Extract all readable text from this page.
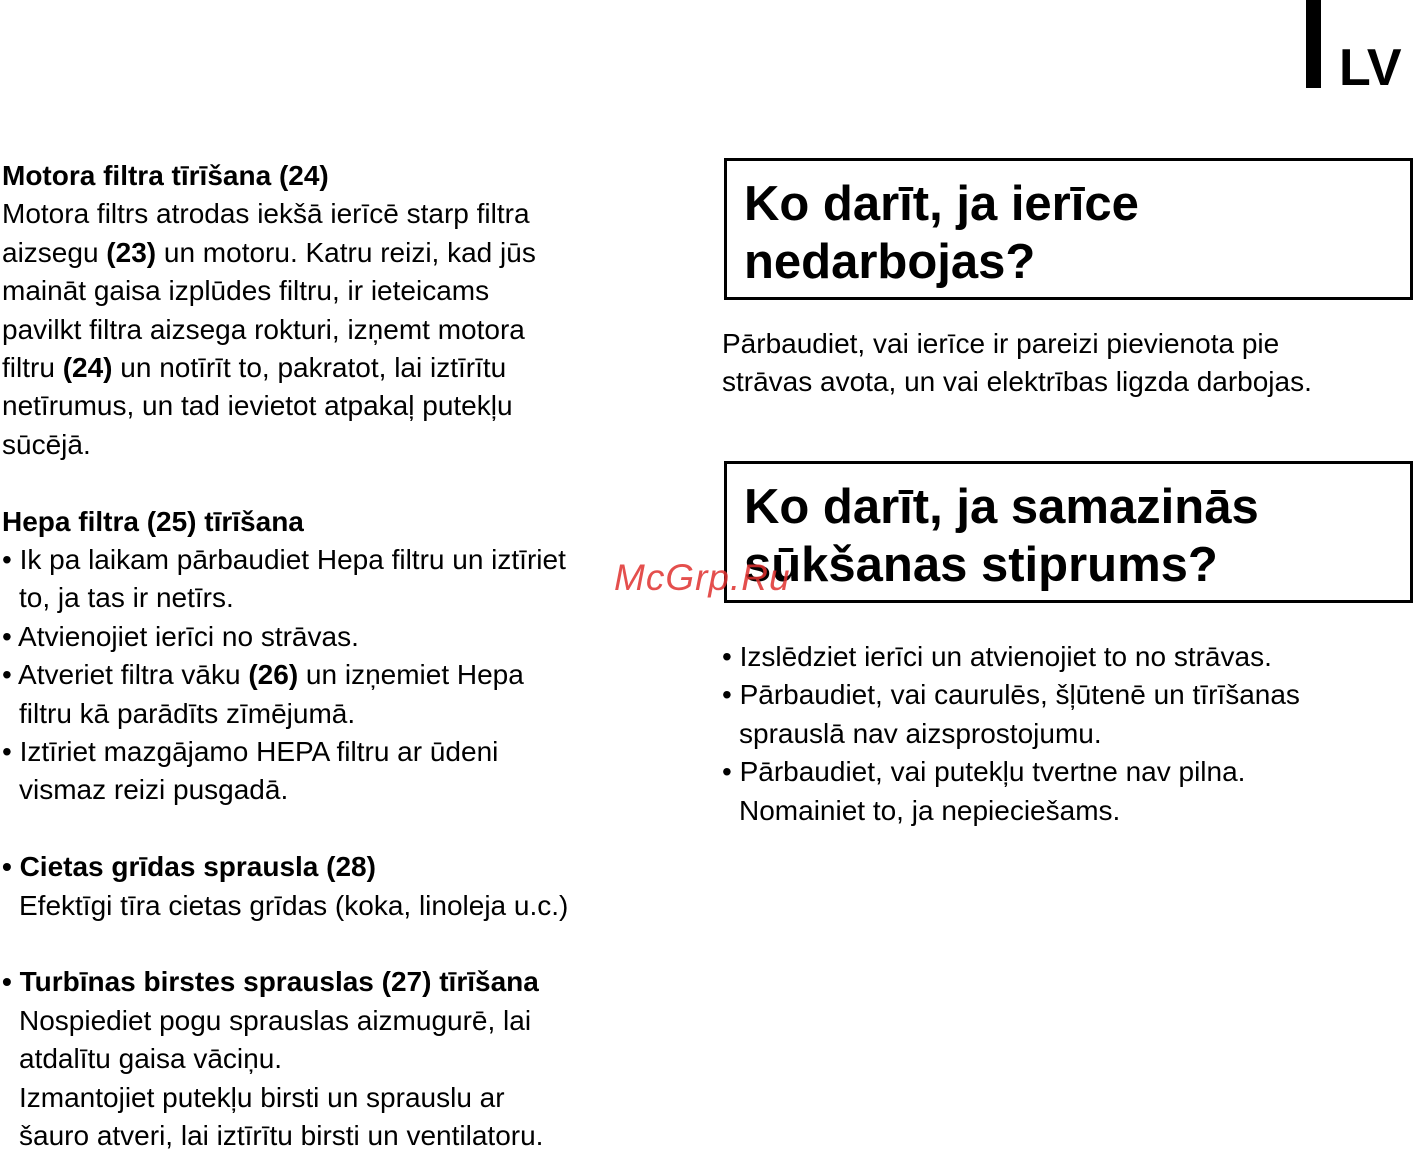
LV

Motora filtra tīrīšana (24)

Motora filtrs atrodas iekšā ierīcē starp filtra

aizsegu (23) un motoru. Katru reizi, kad jūs

maināt gaisa izplūdes filtru, ir ieteicams

pavilkt filtra aizsega rokturi, izņemt motora

filtru (24) un notīrīt to, pakratot, lai iztīrītu

netīrumus, un tad ievietot atpakaļ putekļu

sūcējā.

Hepa filtra (25) tīrīšana

• Ik pa laikam pārbaudiet Hepa filtru un iztīriet

to, ja tas ir netīrs.

• Atvienojiet ierīci no strāvas.

• Atveriet filtra vāku (26) un izņemiet Hepa

filtru kā parādīts zīmējumā.

• Iztīriet mazgājamo HEPA filtru ar ūdeni

vismaz reizi pusgadā.

• Cietas grīdas sprausla (28)

Efektīgi tīra cietas grīdas (koka, linoleja u.c.)

• Turbīnas birstes sprauslas (27) tīrīšana

Nospiediet pogu sprauslas aizmugurē, lai

atdalītu gaisa vāciņu.

Izmantojiet putekļu birsti un sprauslu ar

šauro atveri, lai iztīrītu birsti un ventilatoru.

Ko darīt, ja ierīce
nedarbojas?

Pārbaudiet, vai ierīce ir pareizi pievienota pie

strāvas avota, un vai elektrības ligzda darbojas.

Ko darīt, ja samazinās
sūkšanas stiprums?

• Izslēdziet ierīci un atvienojiet to no strāvas.

• Pārbaudiet, vai caurulēs, šļūtenē un tīrīšanas

sprauslā nav aizsprostojumu.

• Pārbaudiet, vai putekļu tvertne nav pilna.

Nomainiet to, ja nepieciešams.

McGrp.Ru
